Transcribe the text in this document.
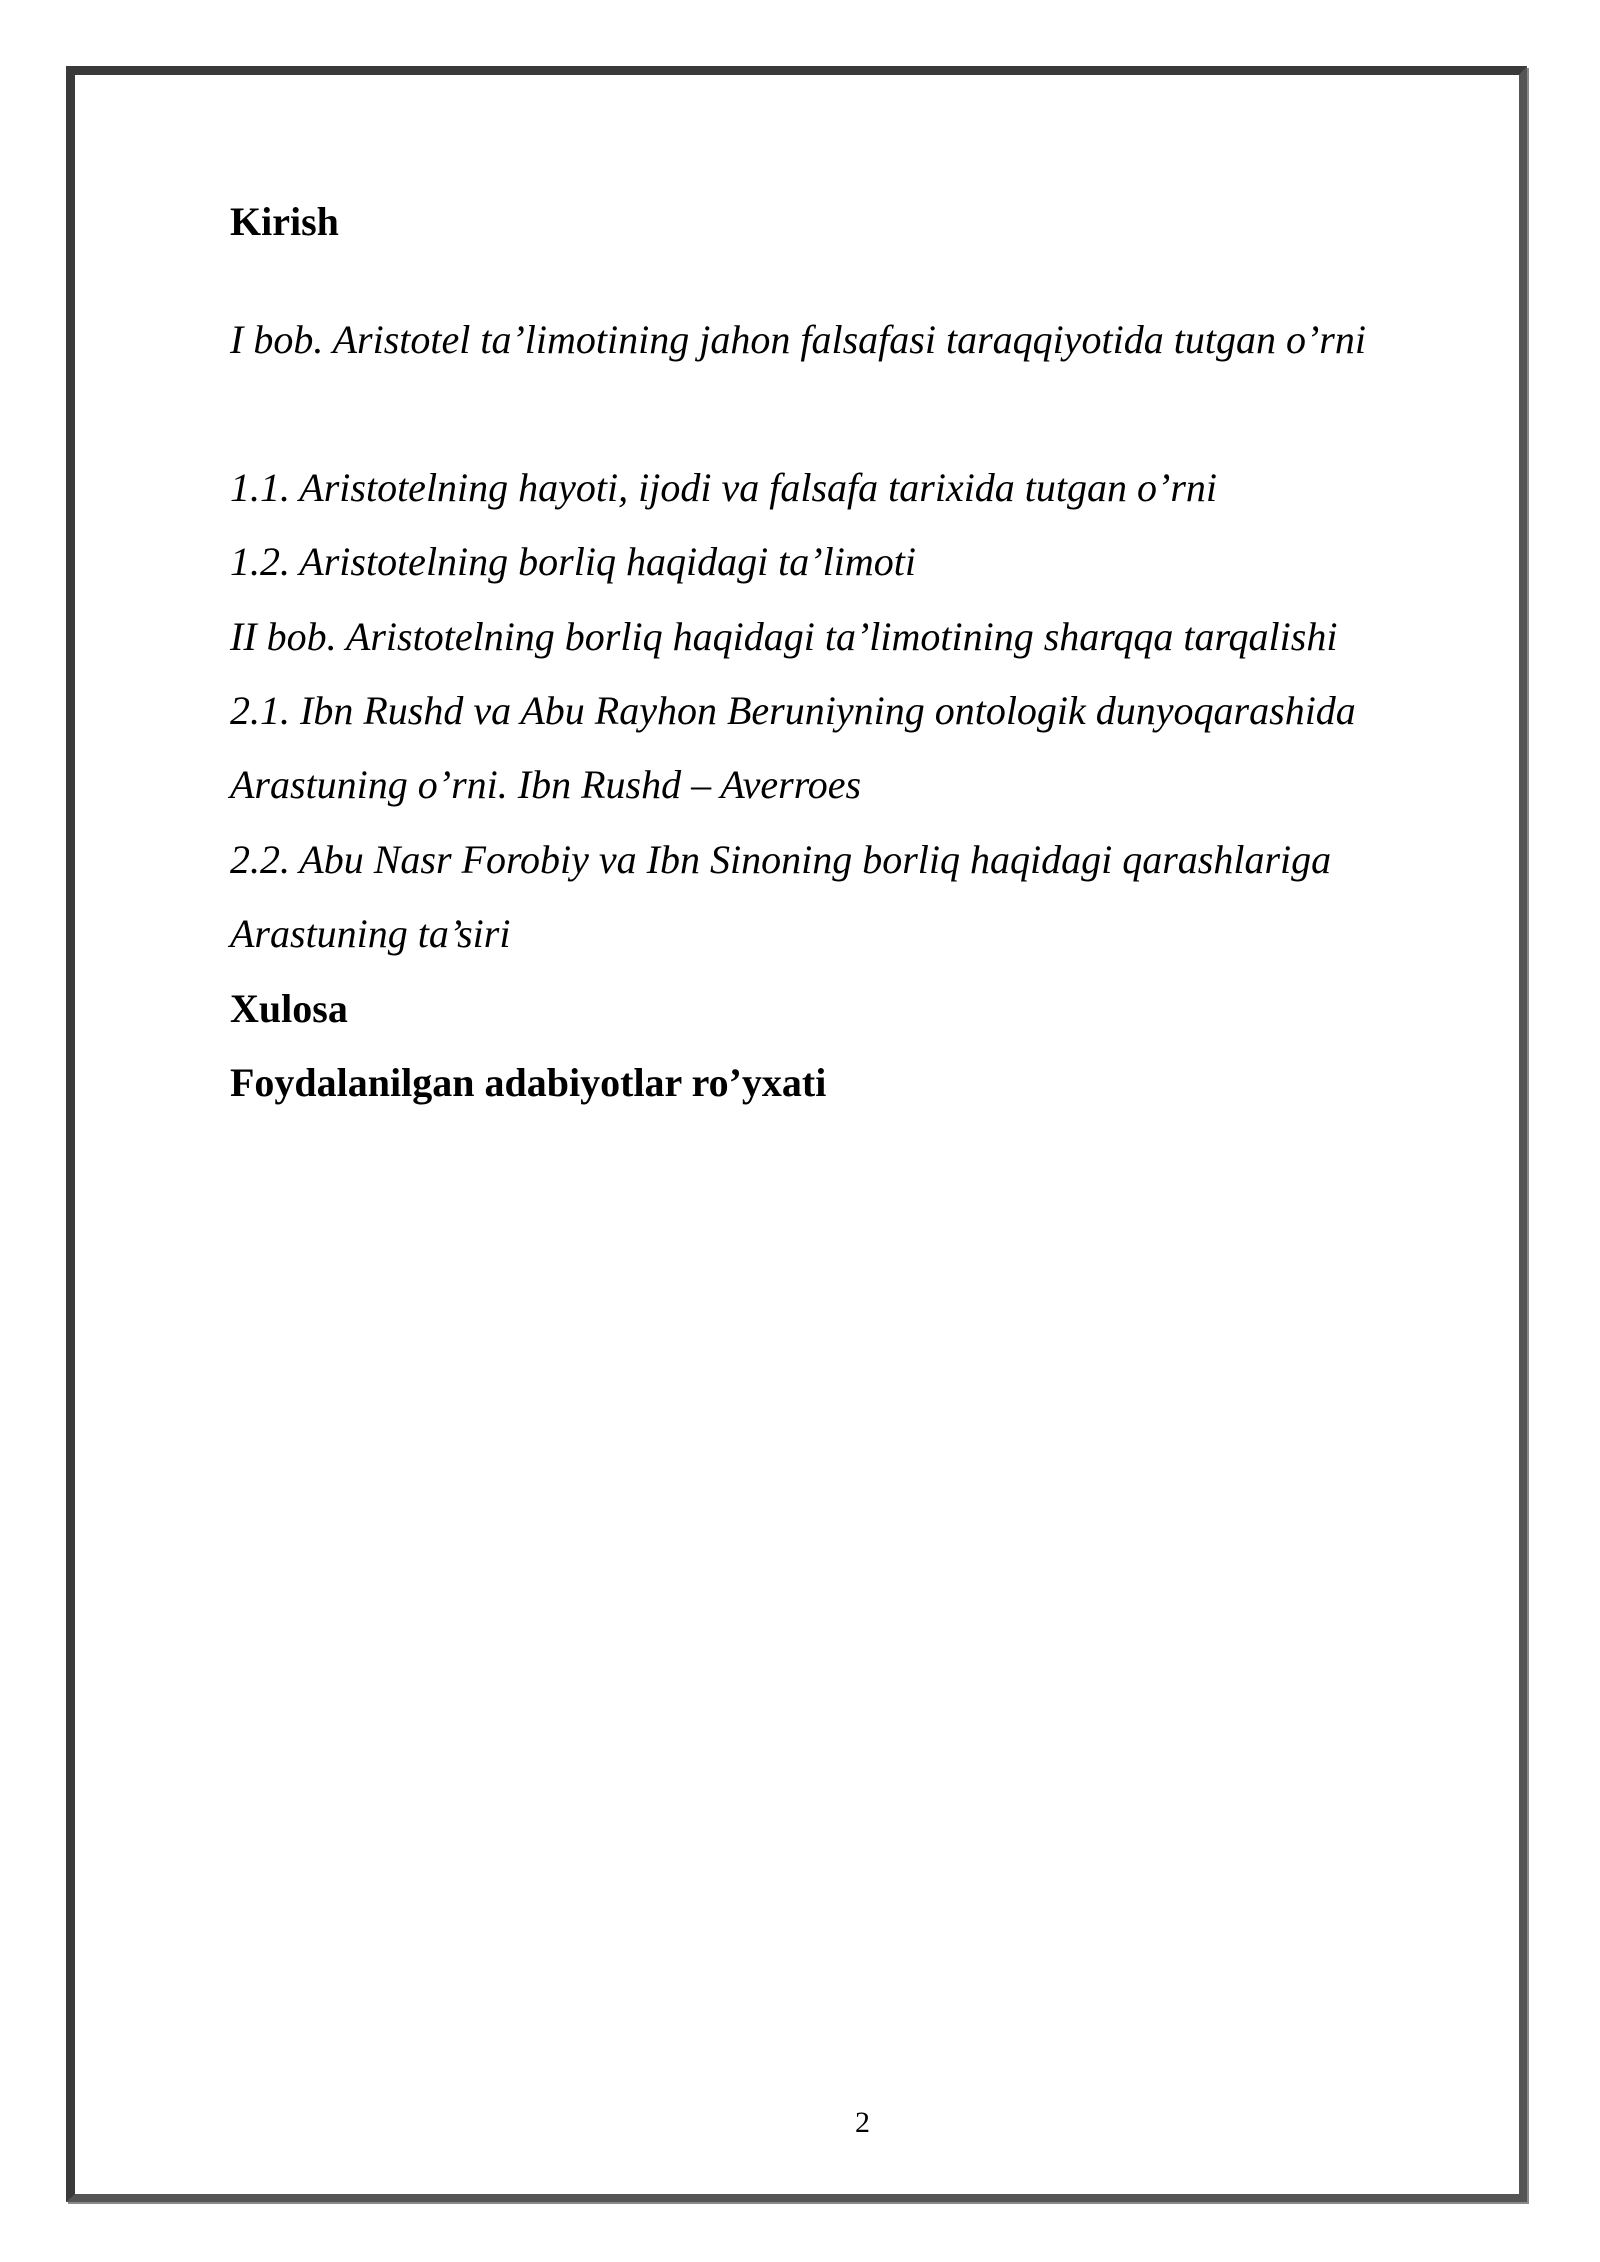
Kirish

I bob. Aristotel ta’limotining jahon falsafasi taraqqiyotida tutgan o’rni

1.1. Aristotelning hayoti, ijodi va falsafa tarixida tutgan o’rni

1.2. Aristotelning borliq haqidagi ta’limoti

II bob. Aristotelning borliq haqidagi ta’limotining sharqqa tarqalishi

2.1. Ibn Rushd va Abu Rayhon Beruniyning ontologik dunyoqarashida

Arastuning o’rni. Ibn Rushd – Averroes

2.2. Abu Nasr Forobiy va Ibn Sinoning borliq haqidagi qarashlariga

Arastuning ta’siri

Xulosa

Foydalanilgan adabiyotlar ro’yxati

2
